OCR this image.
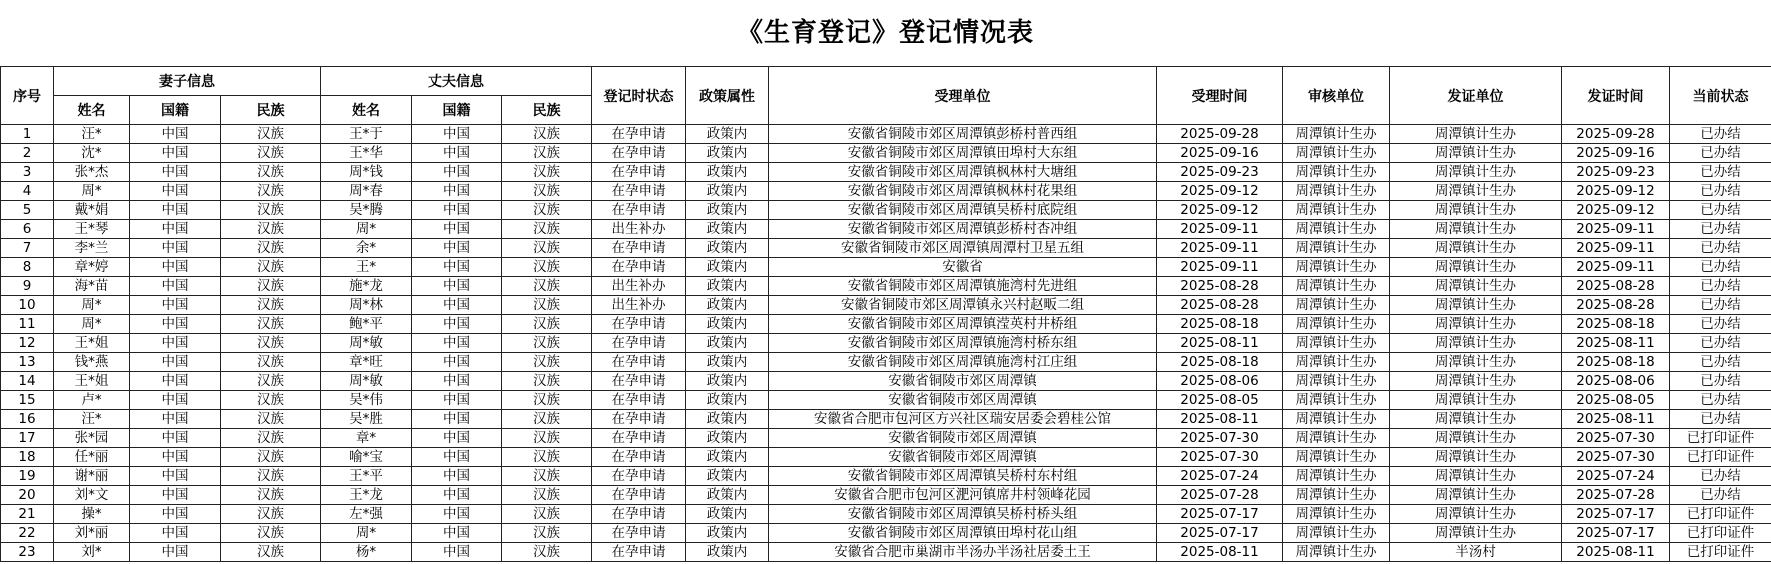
《生育登记》登记情况表
序号	妻子信息			丈夫信息			登记时状态	政策属性	受理单位	受理时间	审核单位	发证单位	发证时间	当前状态
	姓名	国籍	民族	姓名	国籍	民族								
1	汪*	中国	汉族	王*于	中国	汉族	在孕申请	政策内	安徽省铜陵市郊区周潭镇彭桥村普西组	2025-09-28	周潭镇计生办	周潭镇计生办	2025-09-28	已办结
2	沈*	中国	汉族	王*华	中国	汉族	在孕申请	政策内	安徽省铜陵市郊区周潭镇田埠村大东组	2025-09-16	周潭镇计生办	周潭镇计生办	2025-09-16	已办结
3	张*杰	中国	汉族	周*钱	中国	汉族	在孕申请	政策内	安徽省铜陵市郊区周潭镇枫林村大塘组	2025-09-23	周潭镇计生办	周潭镇计生办	2025-09-23	已办结
4	周*	中国	汉族	周*春	中国	汉族	在孕申请	政策内	安徽省铜陵市郊区周潭镇枫林村花果组	2025-09-12	周潭镇计生办	周潭镇计生办	2025-09-12	已办结
5	戴*娟	中国	汉族	吴*腾	中国	汉族	在孕申请	政策内	安徽省铜陵市郊区周潭镇吴桥村底院组	2025-09-12	周潭镇计生办	周潭镇计生办	2025-09-12	已办结
6	王*琴	中国	汉族	周*	中国	汉族	出生补办	政策内	安徽省铜陵市郊区周潭镇彭桥村杏冲组	2025-09-11	周潭镇计生办	周潭镇计生办	2025-09-11	已办结
7	李*兰	中国	汉族	余*	中国	汉族	在孕申请	政策内	安徽省铜陵市郊区周潭镇周潭村卫星五组	2025-09-11	周潭镇计生办	周潭镇计生办	2025-09-11	已办结
8	章*婷	中国	汉族	王*	中国	汉族	在孕申请	政策内	安徽省	2025-09-11	周潭镇计生办	周潭镇计生办	2025-09-11	已办结
9	海*苗	中国	汉族	施*龙	中国	汉族	出生补办	政策内	安徽省铜陵市郊区周潭镇施湾村先进组	2025-08-28	周潭镇计生办	周潭镇计生办	2025-08-28	已办结
10	周*	中国	汉族	周*林	中国	汉族	出生补办	政策内	安徽省铜陵市郊区周潭镇永兴村赵畈二组	2025-08-28	周潭镇计生办	周潭镇计生办	2025-08-28	已办结
11	周*	中国	汉族	鲍*平	中国	汉族	在孕申请	政策内	安徽省铜陵市郊区周潭镇滢英村井桥组	2025-08-18	周潭镇计生办	周潭镇计生办	2025-08-18	已办结
12	王*姐	中国	汉族	周*敏	中国	汉族	在孕申请	政策内	安徽省铜陵市郊区周潭镇施湾村桥东组	2025-08-11	周潭镇计生办	周潭镇计生办	2025-08-11	已办结
13	钱*燕	中国	汉族	章*旺	中国	汉族	在孕申请	政策内	安徽省铜陵市郊区周潭镇施湾村江庄组	2025-08-18	周潭镇计生办	周潭镇计生办	2025-08-18	已办结
14	王*姐	中国	汉族	周*敏	中国	汉族	在孕申请	政策内	安徽省铜陵市郊区周潭镇	2025-08-06	周潭镇计生办	周潭镇计生办	2025-08-06	已办结
15	卢*	中国	汉族	吴*伟	中国	汉族	在孕申请	政策内	安徽省铜陵市郊区周潭镇	2025-08-05	周潭镇计生办	周潭镇计生办	2025-08-05	已办结
16	汪*	中国	汉族	吴*胜	中国	汉族	在孕申请	政策内	安徽省合肥市包河区方兴社区瑞安居委会碧桂公馆	2025-08-11	周潭镇计生办	周潭镇计生办	2025-08-11	已办结
17	张*园	中国	汉族	章*	中国	汉族	在孕申请	政策内	安徽省铜陵市郊区周潭镇	2025-07-30	周潭镇计生办	周潭镇计生办	2025-07-30	已打印证件
18	任*丽	中国	汉族	喻*宝	中国	汉族	在孕申请	政策内	安徽省铜陵市郊区周潭镇	2025-07-30	周潭镇计生办	周潭镇计生办	2025-07-30	已打印证件
19	谢*丽	中国	汉族	王*平	中国	汉族	在孕申请	政策内	安徽省铜陵市郊区周潭镇吴桥村东村组	2025-07-24	周潭镇计生办	周潭镇计生办	2025-07-24	已办结
20	刘*文	中国	汉族	王*龙	中国	汉族	在孕申请	政策内	安徽省合肥市包河区淝河镇席井村领峰花园	2025-07-28	周潭镇计生办	周潭镇计生办	2025-07-28	已办结
21	操*	中国	汉族	左*强	中国	汉族	在孕申请	政策内	安徽省铜陵市郊区周潭镇吴桥村桥头组	2025-07-17	周潭镇计生办	周潭镇计生办	2025-07-17	已打印证件
22	刘*丽	中国	汉族	周*	中国	汉族	在孕申请	政策内	安徽省铜陵市郊区周潭镇田埠村花山组	2025-07-17	周潭镇计生办	周潭镇计生办	2025-07-17	已打印证件
23	刘*	中国	汉族	杨*	中国	汉族	在孕申请	政策内	安徽省合肥市巢湖市半汤办半汤社居委土王	2025-08-11	周潭镇计生办	半汤村	2025-08-11	已打印证件
